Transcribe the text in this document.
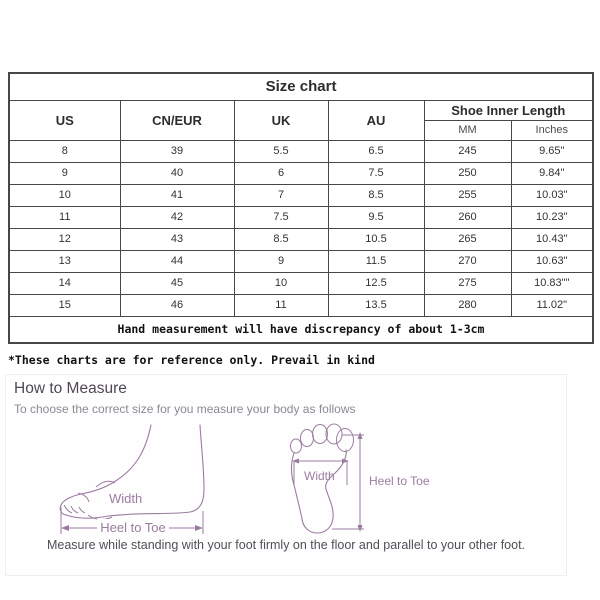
Size chart					
US	CN/EUR	UK	AU	Shoe Inner Length	
				MM	Inches
8	39	5.5	6.5	245	9.65"
9	40	6	7.5	250	9.84"
10	41	7	8.5	255	10.03"
11	42	7.5	9.5	260	10.23"
12	43	8.5	10.5	265	10.43"
13	44	9	11.5	270	10.63"
14	45	10	12.5	275	10.83""
15	46	11	13.5	280	11.02"
Hand measurement will have discrepancy of about 1-3cm					
*These charts are for reference only. Prevail in kind
How to Measure
To choose the correct size for you measure your body as follows
Heel to Toe
Width
Width	Heel to Toe
Measure while standing with your foot firmly on the floor and parallel to your other foot.
